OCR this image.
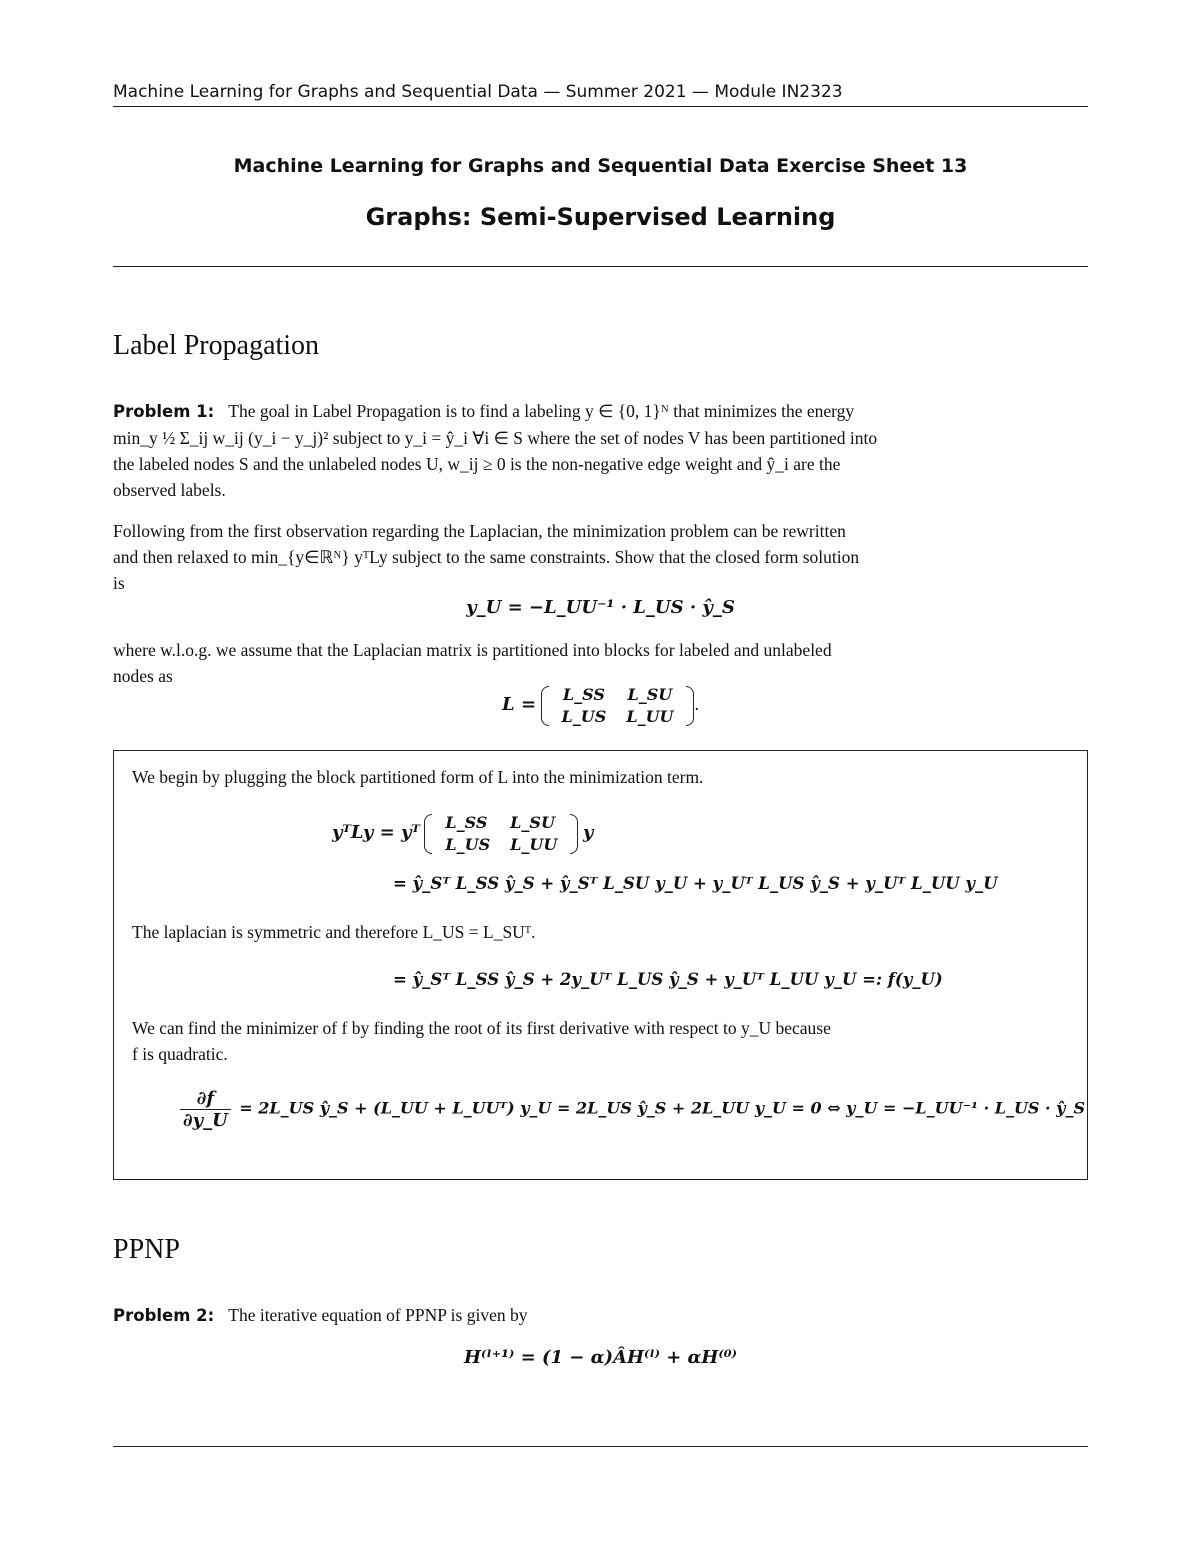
Machine Learning for Graphs and Sequential Data — Summer 2021 — Module IN2323
Machine Learning for Graphs and Sequential Data Exercise Sheet 13
Graphs: Semi-Supervised Learning
Label Propagation
Problem 1: The goal in Label Propagation is to find a labeling y ∈ {0, 1}ᴺ that minimizes the energy
min_y ½ Σ_ij w_ij (y_i − y_j)² subject to y_i = ŷ_i ∀i ∈ S where the set of nodes V has been partitioned into
the labeled nodes S and the unlabeled nodes U, w_ij ≥ 0 is the non-negative edge weight and ŷ_i are the
observed labels.
Following from the first observation regarding the Laplacian, the minimization problem can be rewritten
and then relaxed to min_{y∈ℝᴺ} yᵀLy subject to the same constraints. Show that the closed form solution
is
y_U = −L_UU⁻¹ · L_US · ŷ_S
where w.l.o.g. we assume that the Laplacian matrix is partitioned into blocks for labeled and unlabeled
nodes as
L = L_SS	L_SU
L_US	L_UU
.
We begin by plugging the block partitioned form of L into the minimization term.
yᵀLy = yᵀ L_SS	L_SU
L_US	L_UU
y
= ŷ_Sᵀ L_SS ŷ_S + ŷ_Sᵀ L_SU y_U + y_Uᵀ L_US ŷ_S + y_Uᵀ L_UU y_U
The laplacian is symmetric and therefore L_US = L_SUᵀ.
= ŷ_Sᵀ L_SS ŷ_S + 2y_Uᵀ L_US ŷ_S + y_Uᵀ L_UU y_U =: f(y_U)
We can find the minimizer of f by finding the root of its first derivative with respect to y_U because
f is quadratic.
$\frac{\partial f}{\partial y\_U}$ = 2L_US ŷ_S + (L_UU + L_UUᵀ) y_U = 2L_US ŷ_S + 2L_UU y_U = 0 ⇔ y_U = −L_UU⁻¹ · L_US · ŷ_S
PPNP
Problem 2: The iterative equation of PPNP is given by
H⁽ˡ⁺¹⁾ = (1 − α)ÂH⁽ˡ⁾ + αH⁽⁰⁾
